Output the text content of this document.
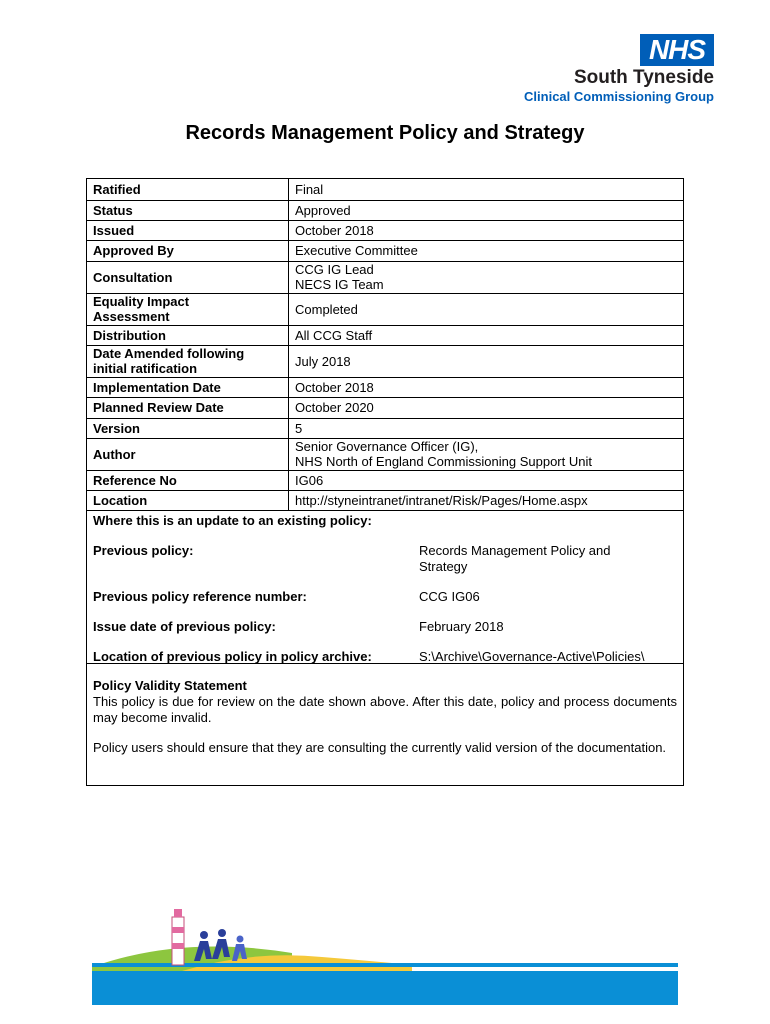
NHS
South Tyneside
Clinical Commissioning Group
Records Management Policy and Strategy
Ratified	Final
Status	Approved
Issued	October 2018
Approved By	Executive Committee
Consultation	CCG IG Lead
NECS IG Team

Equality Impact
Assessment	Completed
Distribution	All CCG Staff

Date Amended following
initial ratification	July 2018
Implementation Date	October 2018
Planned Review Date	October 2020
Version	5
Author	Senior Governance Officer (IG),
NHS North of England Commissioning Support Unit

Reference No	IG06
Location	http://styneintranet/intranet/Risk/Pages/Home.aspx
Where this is an update to an existing policy:
Previous policy:	Records Management Policy and
Strategy
Previous policy reference number:	CCG IG06
Issue date of previous policy:	February 2018
Location of previous policy in policy archive:	S:\Archive\Governance-Active\Policies\
Policy Validity Statement

This policy is due for review on the date shown above. After this date, policy and process documents may become invalid.

Policy users should ensure that they are consulting the currently valid version of the documentation.
